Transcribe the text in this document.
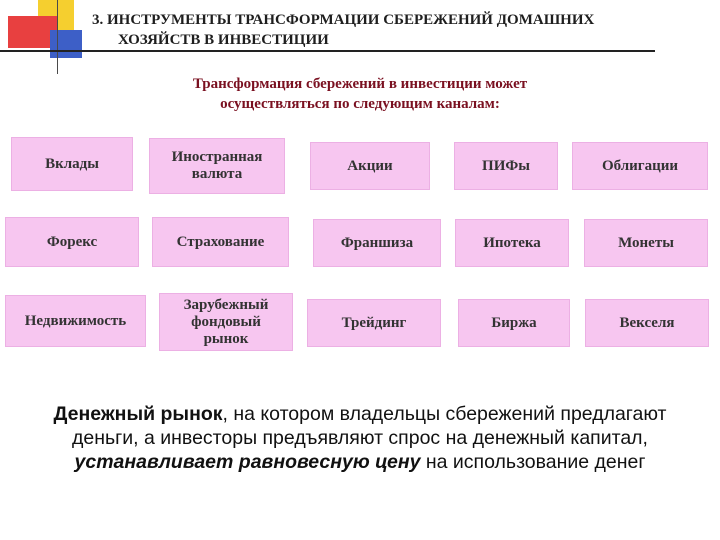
3. ИНСТРУМЕНТЫ ТРАНСФОРМАЦИИ СБЕРЕЖЕНИЙ ДОМАШНИХ
ХОЗЯЙСТВ В ИНВЕСТИЦИИ
Трансформация сбережений в инвестиции может
осуществляться по следующим каналам:
Вклады	Иностранная валюта
Акции	ПИФы	Облигации
Форекс	Страхование	Франшиза	Ипотека	Монеты
Недвижимость
Зарубежный фондовый рынок
Трейдинг	Биржа	Векселя
Денежный рынок, на котором владельцы сбережений предлагают деньги, а инвесторы предъявляют спрос на денежный капитал, устанавливает равновесную цену на использование денег
